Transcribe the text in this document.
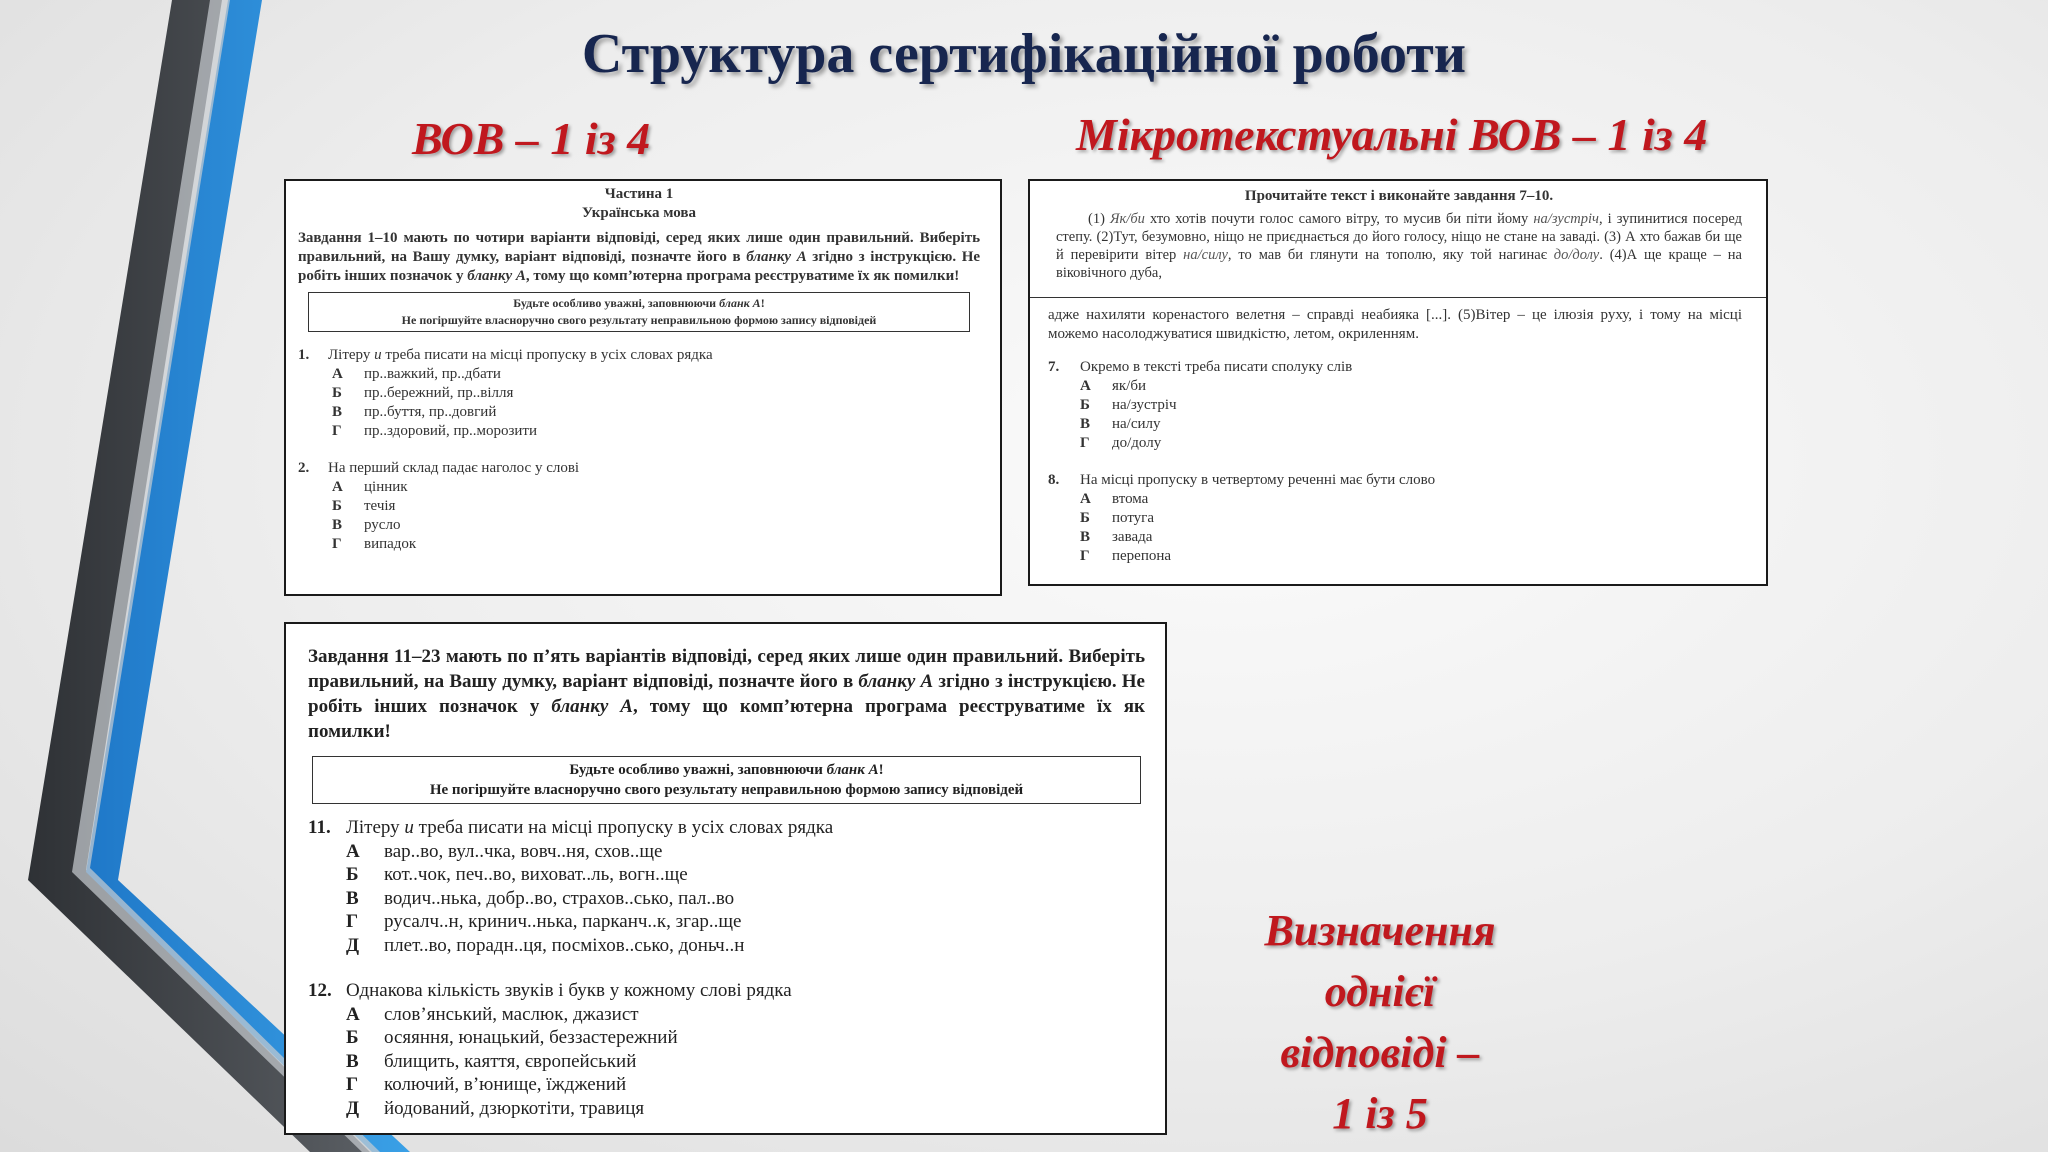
Структура сертифікаційної роботи
ВОВ – 1 із 4	Мікротекстуальні ВОВ – 1 із 4
Частина 1
Українська мова
Завдання 1–10 мають по чотири варіанти відповіді, серед яких лише один правильний. Виберіть правильний, на Вашу думку, варіант відповіді, позначте його в бланку А згідно з інструкцією. Не робіть інших позначок у бланку А, тому що комп’ютерна програма реєструватиме їх як помилки!
Будьте особливо уважні, заповнюючи бланк А!
Не погіршуйте власноручно свого результату неправильною формою запису відповідей
1.	Літеру и треба писати на місці пропуску в усіх словах рядка
А	пр..важкий, пр..дбати
Б	пр..бережний, пр..вілля
В	пр..буття, пр..довгий
Г	пр..здоровий, пр..морозити
2.	На перший склад падає наголос у слові
А	цінник
Б	течія
В	русло
Г	випадок
Прочитайте текст і виконайте завдання 7–10.
(1) Як/би хто хотів почути голос самого вітру, то мусив би піти йому на/зустріч, і зупинитися посеред степу. (2)Тут, безумовно, ніщо не приєднається до його голосу, ніщо не стане на заваді. (3) А хто бажав би ще й перевірити вітер на/силу, то мав би глянути на тополю, яку той нагинає до/долу. (4)А ще краще – на віковічного дуба,
адже нахиляти коренастого велетня – справді неабияка [...]. (5)Вітер – це ілюзія руху, і тому на місці можемо насолоджуватися швидкістю, летом, окриленням.
7.	Окремо в тексті треба писати сполуку слів
А	як/би
Б	на/зустріч
В	на/силу
Г	до/долу
8.	На місці пропуску в четвертому реченні має бути слово
А	втома
Б	потуга
В	завада
Г	перепона
Завдання 11–23 мають по п’ять варіантів відповіді, серед яких лише один правильний. Виберіть правильний, на Вашу думку, варіант відповіді, позначте його в бланку А згідно з інструкцією. Не робіть інших позначок у бланку А, тому що комп’ютерна програма реєструватиме їх як помилки!
Будьте особливо уважні, заповнюючи бланк А!
Не погіршуйте власноручно свого результату неправильною формою запису відповідей
11. Літеру и треба писати на місці пропуску в усіх словах рядка
А	вар..во, вул..чка, вовч..ня, схов..ще
Б	кот..чок, печ..во, виховат..ль, вогн..ще
В	водич..нька, добр..во, страхов..сько, пал..во
Г	русалч..н, кринич..нька, парканч..к, згар..ще
Д	плет..во, порадн..ця, посміхов..сько, доньч..н
12. Однакова кількість звуків і букв у кожному слові рядка
А	слов’янський, маслюк, джазист
Б	осяяння, юнацький, беззастережний
В	блищить, каяття, європейський
Г	колючий, в’юнище, їжджений
Д	йодований, дзюркотіти, травиця
Визначення
однієї
відповіді –
1 із 5
